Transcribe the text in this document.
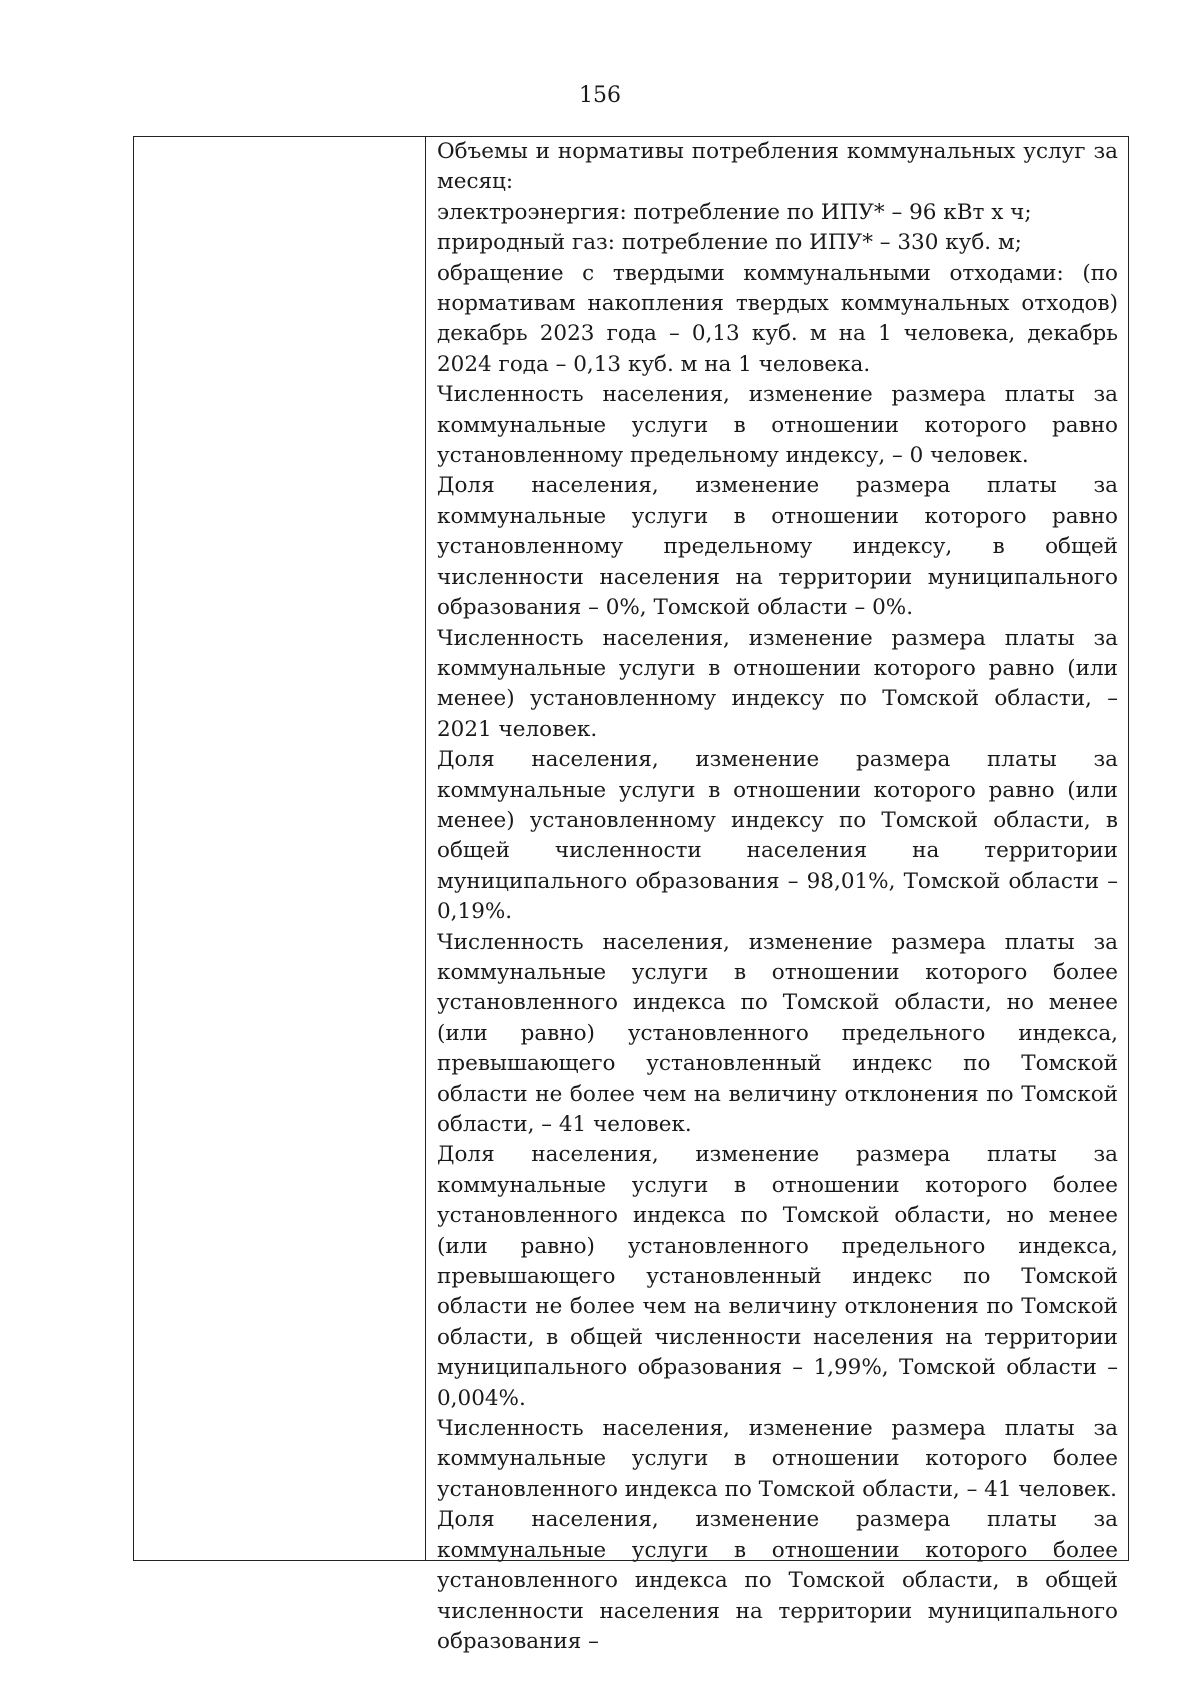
156

Объемы и нормативы потребления коммунальных услуг за месяц:

электроэнергия: потребление по ИПУ* – 96 кВт х ч;

природный газ: потребление по ИПУ* – 330 куб. м;

обращение с твердыми коммунальными отходами: (по нормативам накопления твердых коммунальных отходов) декабрь 2023 года – 0,13 куб. м на 1 человека, декабрь 2024 года – 0,13 куб. м на 1 человека.

Численность населения, изменение размера платы за коммунальные услуги в отношении которого равно установленному предельному индексу, – 0 человек.

Доля населения, изменение размера платы за коммунальные услуги в отношении которого равно установленному предельному индексу, в общей численности населения на территории муниципального образования – 0%, Томской области – 0%.

Численность населения, изменение размера платы за коммунальные услуги в отношении которого равно (или менее) установленному индексу по Томской области, – 2021 человек.

Доля населения, изменение размера платы за коммунальные услуги в отношении которого равно (или менее) установленному индексу по Томской области, в общей численности населения на территории муниципального образования – 98,01%, Томской области – 0,19%.

Численность населения, изменение размера платы за коммунальные услуги в отношении которого более установленного индекса по Томской области, но менее (или равно) установленного предельного индекса, превышающего установленный индекс по Томской области не более чем на величину отклонения по Томской области, – 41 человек.

Доля населения, изменение размера платы за коммунальные услуги в отношении которого более установленного индекса по Томской области, но менее (или равно) установленного предельного индекса, превышающего установленный индекс по Томской области не более чем на величину отклонения по Томской области, в общей численности населения на территории муниципального образования – 1,99%, Томской области – 0,004%.

Численность населения, изменение размера платы за коммунальные услуги в отношении которого более установленного индекса по Томской области, – 41 человек.

Доля населения, изменение размера платы за коммунальные услуги в отношении которого более установленного индекса по Томской области, в общей численности населения на территории муниципального образования –
